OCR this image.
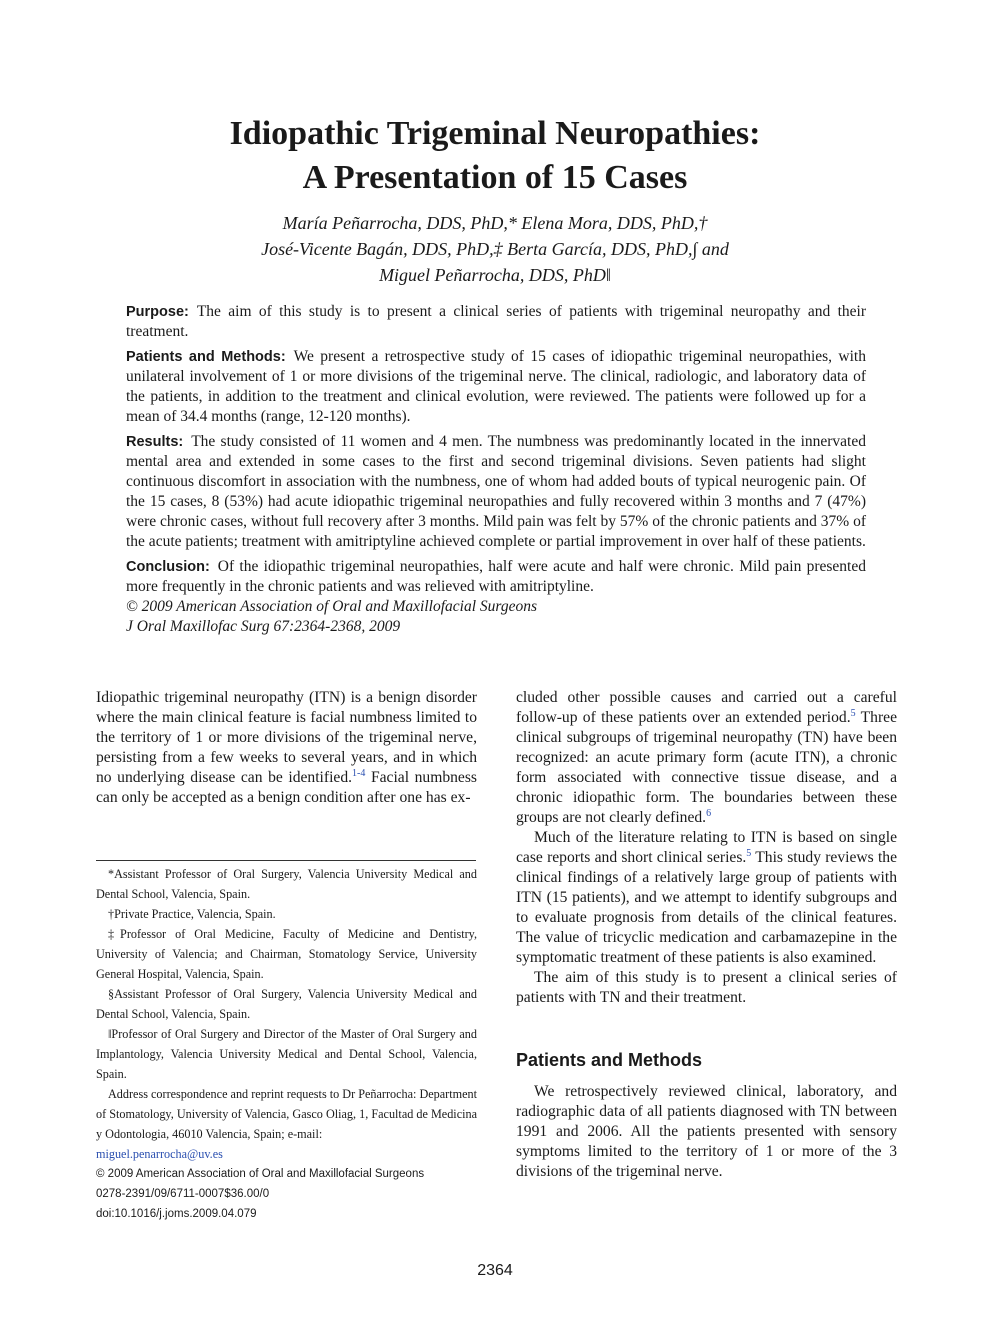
Idiopathic Trigeminal Neuropathies:
A Presentation of 15 Cases
María Peñarrocha, DDS, PhD,* Elena Mora, DDS, PhD,†
José-Vicente Bagán, DDS, PhD,‡ Berta García, DDS, PhD,∫ and
Miguel Peñarrocha, DDS, PhD‖

Purpose: The aim of this study is to present a clinical series of patients with trigeminal neuropathy and their treatment.

Patients and Methods: We present a retrospective study of 15 cases of idiopathic trigeminal neuropathies, with unilateral involvement of 1 or more divisions of the trigeminal nerve. The clinical, radiologic, and laboratory data of the patients, in addition to the treatment and clinical evolution, were reviewed. The patients were followed up for a mean of 34.4 months (range, 12-120 months).

Results: The study consisted of 11 women and 4 men. The numbness was predominantly located in the innervated mental area and extended in some cases to the first and second trigeminal divisions. Seven patients had slight continuous discomfort in association with the numbness, one of whom had added bouts of typical neurogenic pain. Of the 15 cases, 8 (53%) had acute idiopathic trigeminal neuropathies and fully recovered within 3 months and 7 (47%) were chronic cases, without full recovery after 3 months. Mild pain was felt by 57% of the chronic patients and 37% of the acute patients; treatment with amitriptyline achieved complete or partial improvement in over half of these patients.

Conclusion: Of the idiopathic trigeminal neuropathies, half were acute and half were chronic. Mild pain presented more frequently in the chronic patients and was relieved with amitriptyline.

© 2009 American Association of Oral and Maxillofacial Surgeons

J Oral Maxillofac Surg 67:2364-2368, 2009

Idiopathic trigeminal neuropathy (ITN) is a benign disorder where the main clinical feature is facial numbness limited to the territory of 1 or more divisions of the trigeminal nerve, persisting from a few weeks to several years, and in which no underlying disease can be identified.$^{1-4}$ Facial numbness can only be accepted as a benign condition after one has ex-

*Assistant Professor of Oral Surgery, Valencia University Medical and Dental School, Valencia, Spain.

†Private Practice, Valencia, Spain.

‡Professor of Oral Medicine, Faculty of Medicine and Dentistry, University of Valencia; and Chairman, Stomatology Service, University General Hospital, Valencia, Spain.

§Assistant Professor of Oral Surgery, Valencia University Medical and Dental School, Valencia, Spain.

‖Professor of Oral Surgery and Director of the Master of Oral Surgery and Implantology, Valencia University Medical and Dental School, Valencia, Spain.

Address correspondence and reprint requests to Dr Peñarrocha: Department of Stomatology, University of Valencia, Gasco Oliag, 1, Facultad de Medicina y Odontologia, 46010 Valencia, Spain; e-mail:

miguel.penarrocha@uv.es

© 2009 American Association of Oral and Maxillofacial Surgeons

0278-2391/09/6711-0007$36.00/0

doi:10.1016/j.joms.2009.04.079

cluded other possible causes and carried out a careful follow-up of these patients over an extended period.$^5$ Three clinical subgroups of trigeminal neuropathy (TN) have been recognized: an acute primary form (acute ITN), a chronic form associated with connective tissue disease, and a chronic idiopathic form. The boundaries between these groups are not clearly defined.$^6$

Much of the literature relating to ITN is based on single case reports and short clinical series.$^5$ This study reviews the clinical findings of a relatively large group of patients with ITN (15 patients), and we attempt to identify subgroups and to evaluate prognosis from details of the clinical features. The value of tricyclic medication and carbamazepine in the symptomatic treatment of these patients is also examined.

The aim of this study is to present a clinical series of patients with TN and their treatment.

Patients and Methods

We retrospectively reviewed clinical, laboratory, and radiographic data of all patients diagnosed with TN between 1991 and 2006. All the patients presented with sensory symptoms limited to the territory of 1 or more of the 3 divisions of the trigeminal nerve.

2364
